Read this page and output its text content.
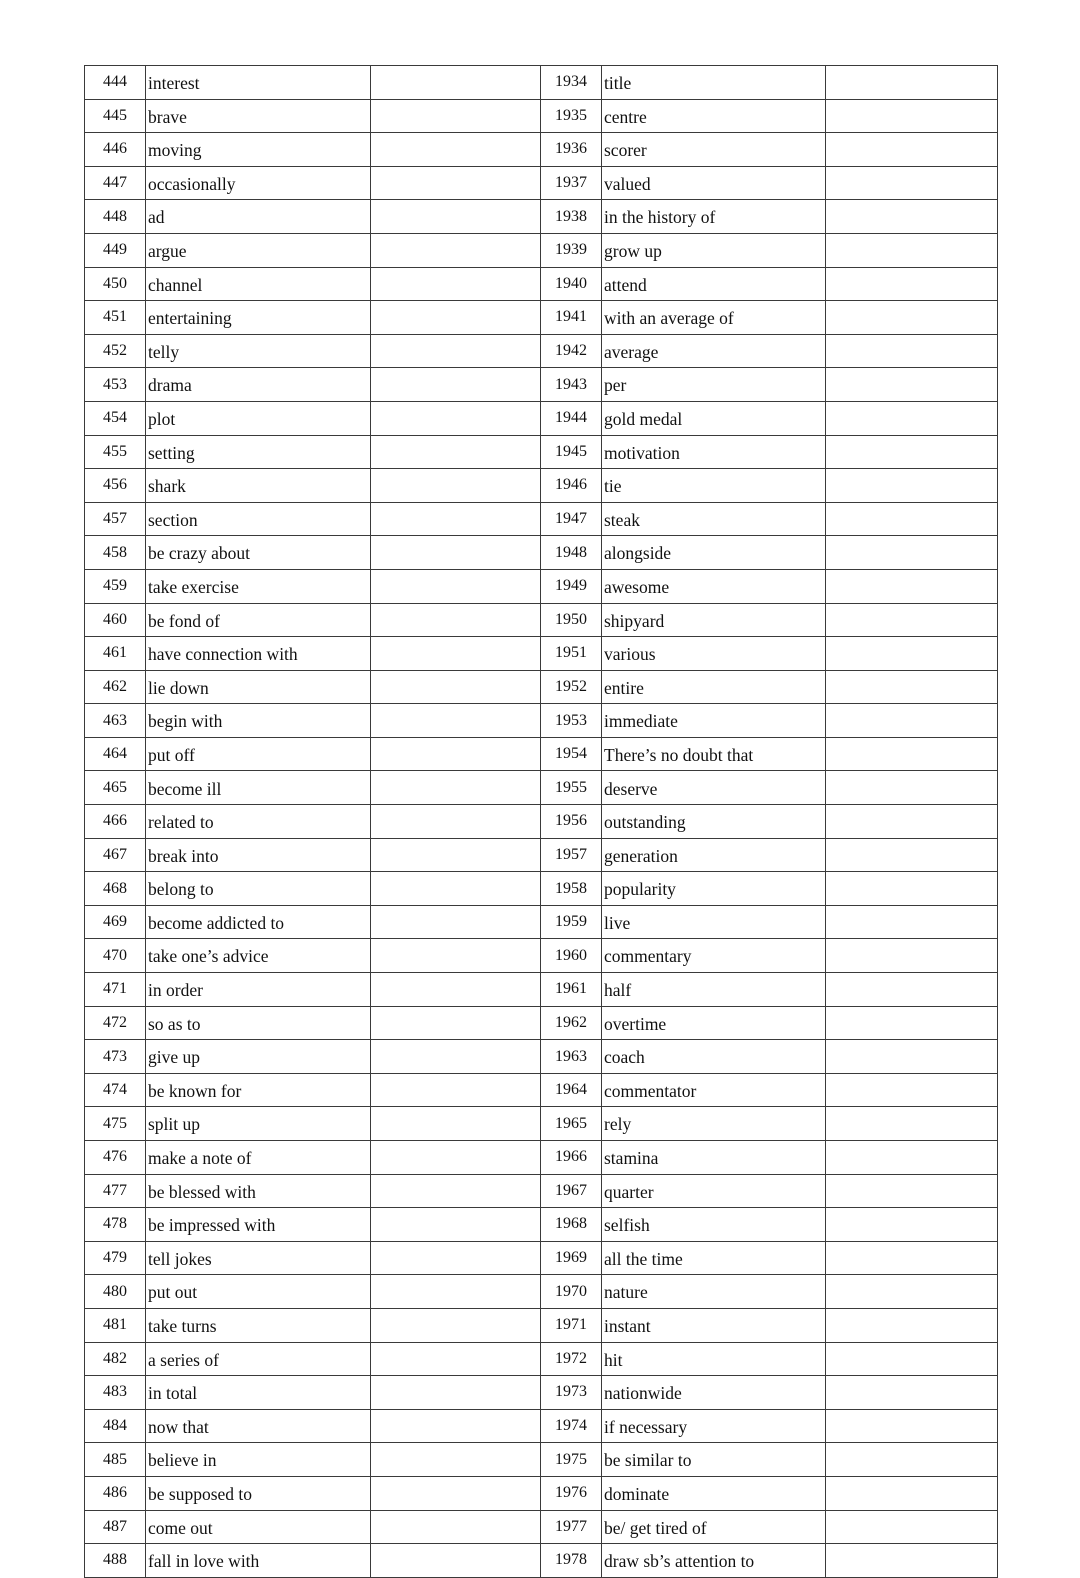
444	interest		1934	title	
445	brave		1935	centre	
446	moving		1936	scorer	
447	occasionally		1937	valued	
448	ad		1938	in the history of	
449	argue		1939	grow up	
450	channel		1940	attend	
451	entertaining		1941	with an average of	
452	telly		1942	average	
453	drama		1943	per	
454	plot		1944	gold medal	
455	setting		1945	motivation	
456	shark		1946	tie	
457	section		1947	steak	
458	be crazy about		1948	alongside	
459	take exercise		1949	awesome	
460	be fond of		1950	shipyard	
461	have connection with		1951	various	
462	lie down		1952	entire	
463	begin with		1953	immediate	
464	put off		1954	There’s no doubt that	
465	become ill		1955	deserve	
466	related to		1956	outstanding	
467	break into		1957	generation	
468	belong to		1958	popularity	
469	become addicted to		1959	live	
470	take one’s advice		1960	commentary	
471	in order		1961	half	
472	so as to		1962	overtime	
473	give up		1963	coach	
474	be known for		1964	commentator	
475	split up		1965	rely	
476	make a note of		1966	stamina	
477	be blessed with		1967	quarter	
478	be impressed with		1968	selfish	
479	tell jokes		1969	all the time	
480	put out		1970	nature	
481	take turns		1971	instant	
482	a series of		1972	hit	
483	in total		1973	nationwide	
484	now that		1974	if necessary	
485	believe in		1975	be similar to	
486	be supposed to		1976	dominate	
487	come out		1977	be/ get tired of	
488	fall in love with		1978	draw sb’s attention to	
